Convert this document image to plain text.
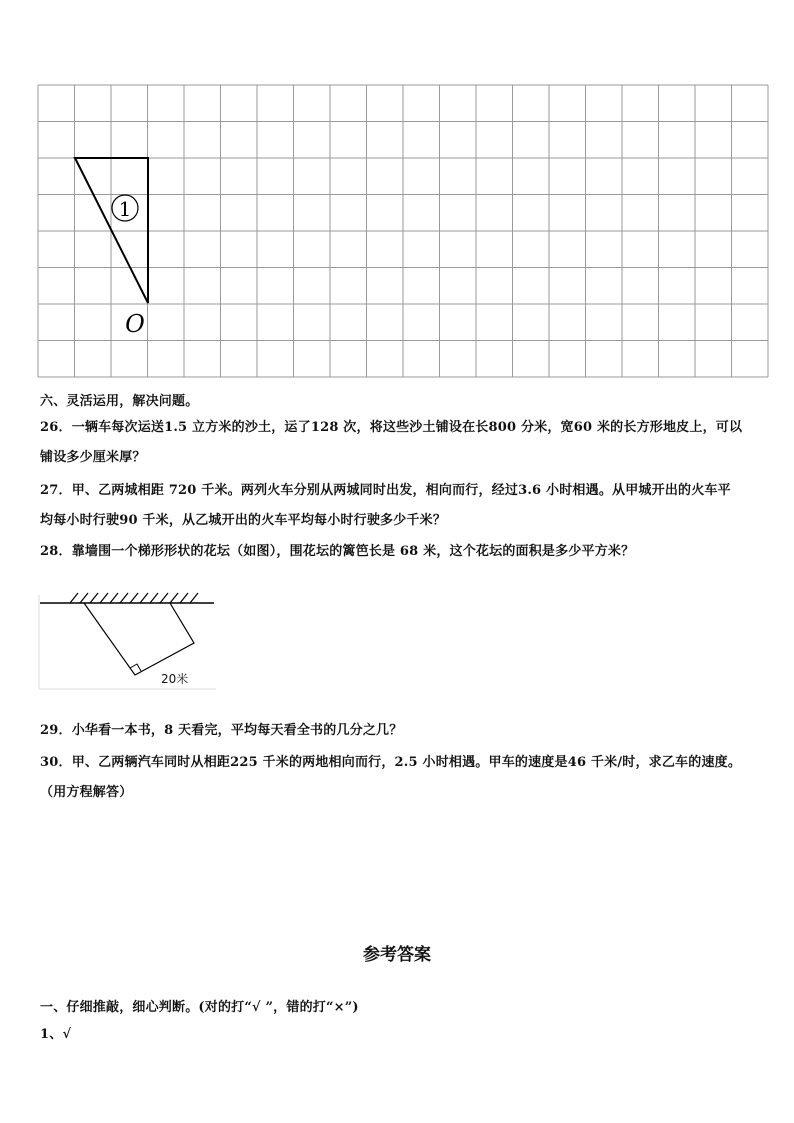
1
O
六、灵活运用，解决问题。
26．一辆车每次运送1.5 立方米的沙土，运了128 次，将这些沙土铺设在长800 分米，宽60 米的长方形地皮上，可以
铺设多少厘米厚？
27．甲、乙两城相距 720 千米。两列火车分别从两城同时出发，相向而行，经过3.6 小时相遇。从甲城开出的火车平
均每小时行驶90 千米，从乙城开出的火车平均每小时行驶多少千米？
28．靠墙围一个梯形形状的花坛（如图），围花坛的篱笆长是 68 米，这个花坛的面积是多少平方米？
20米
29．小华看一本书，8 天看完，平均每天看全书的几分之几？
30．甲、乙两辆汽车同时从相距225 千米的两地相向而行，2.5 小时相遇。甲车的速度是46 千米/时，求乙车的速度。
（用方程解答）
参考答案
一、仔细推敲，细心判断。(对的打“√ ”，错的打“×”)
1、√
